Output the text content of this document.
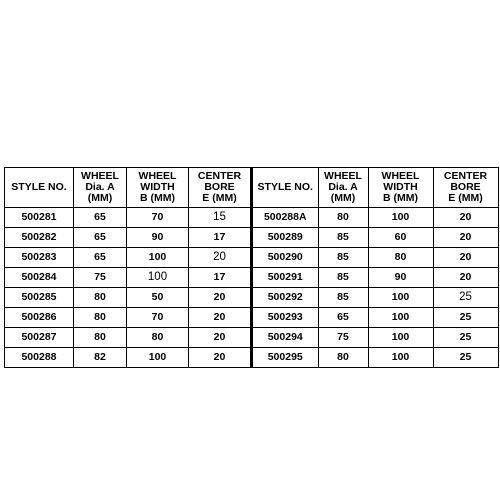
STYLE NO.	WHEEL
Dia. A
(MM)	WHEEL
WIDTH
B (MM)	CENTER
BORE
E (MM)
500281	65	70	15
500282	65	90	17
500283	65	100	20
500284	75	100	17
500285	80	50	20
500286	80	70	20
500287	80	80	20
500288	82	100	20
STYLE NO.	WHEEL
Dia. A
(MM)	WHEEL
WIDTH
B (MM)	CENTER
BORE
E (MM)
500288A	80	100	20
500289	85	60	20
500290	85	80	20
500291	85	90	20
500292	85	100	25
500293	65	100	25
500294	75	100	25
500295	80	100	25
